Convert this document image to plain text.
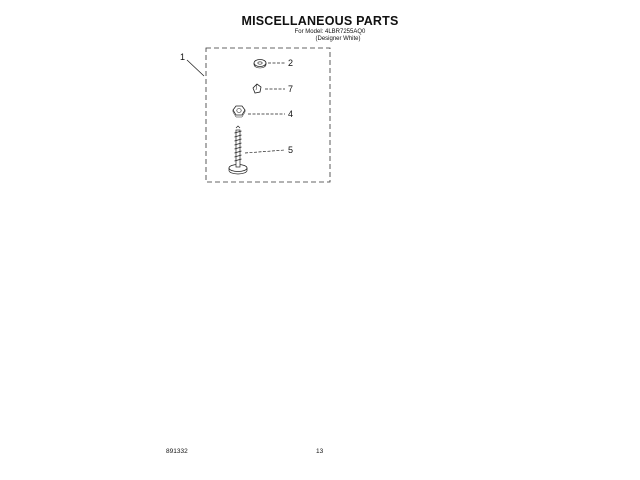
MISCELLANEOUS PARTS
For Model: 4LBR7255AQ0
(Designer White)
1
2
7
4
5
891332	13
